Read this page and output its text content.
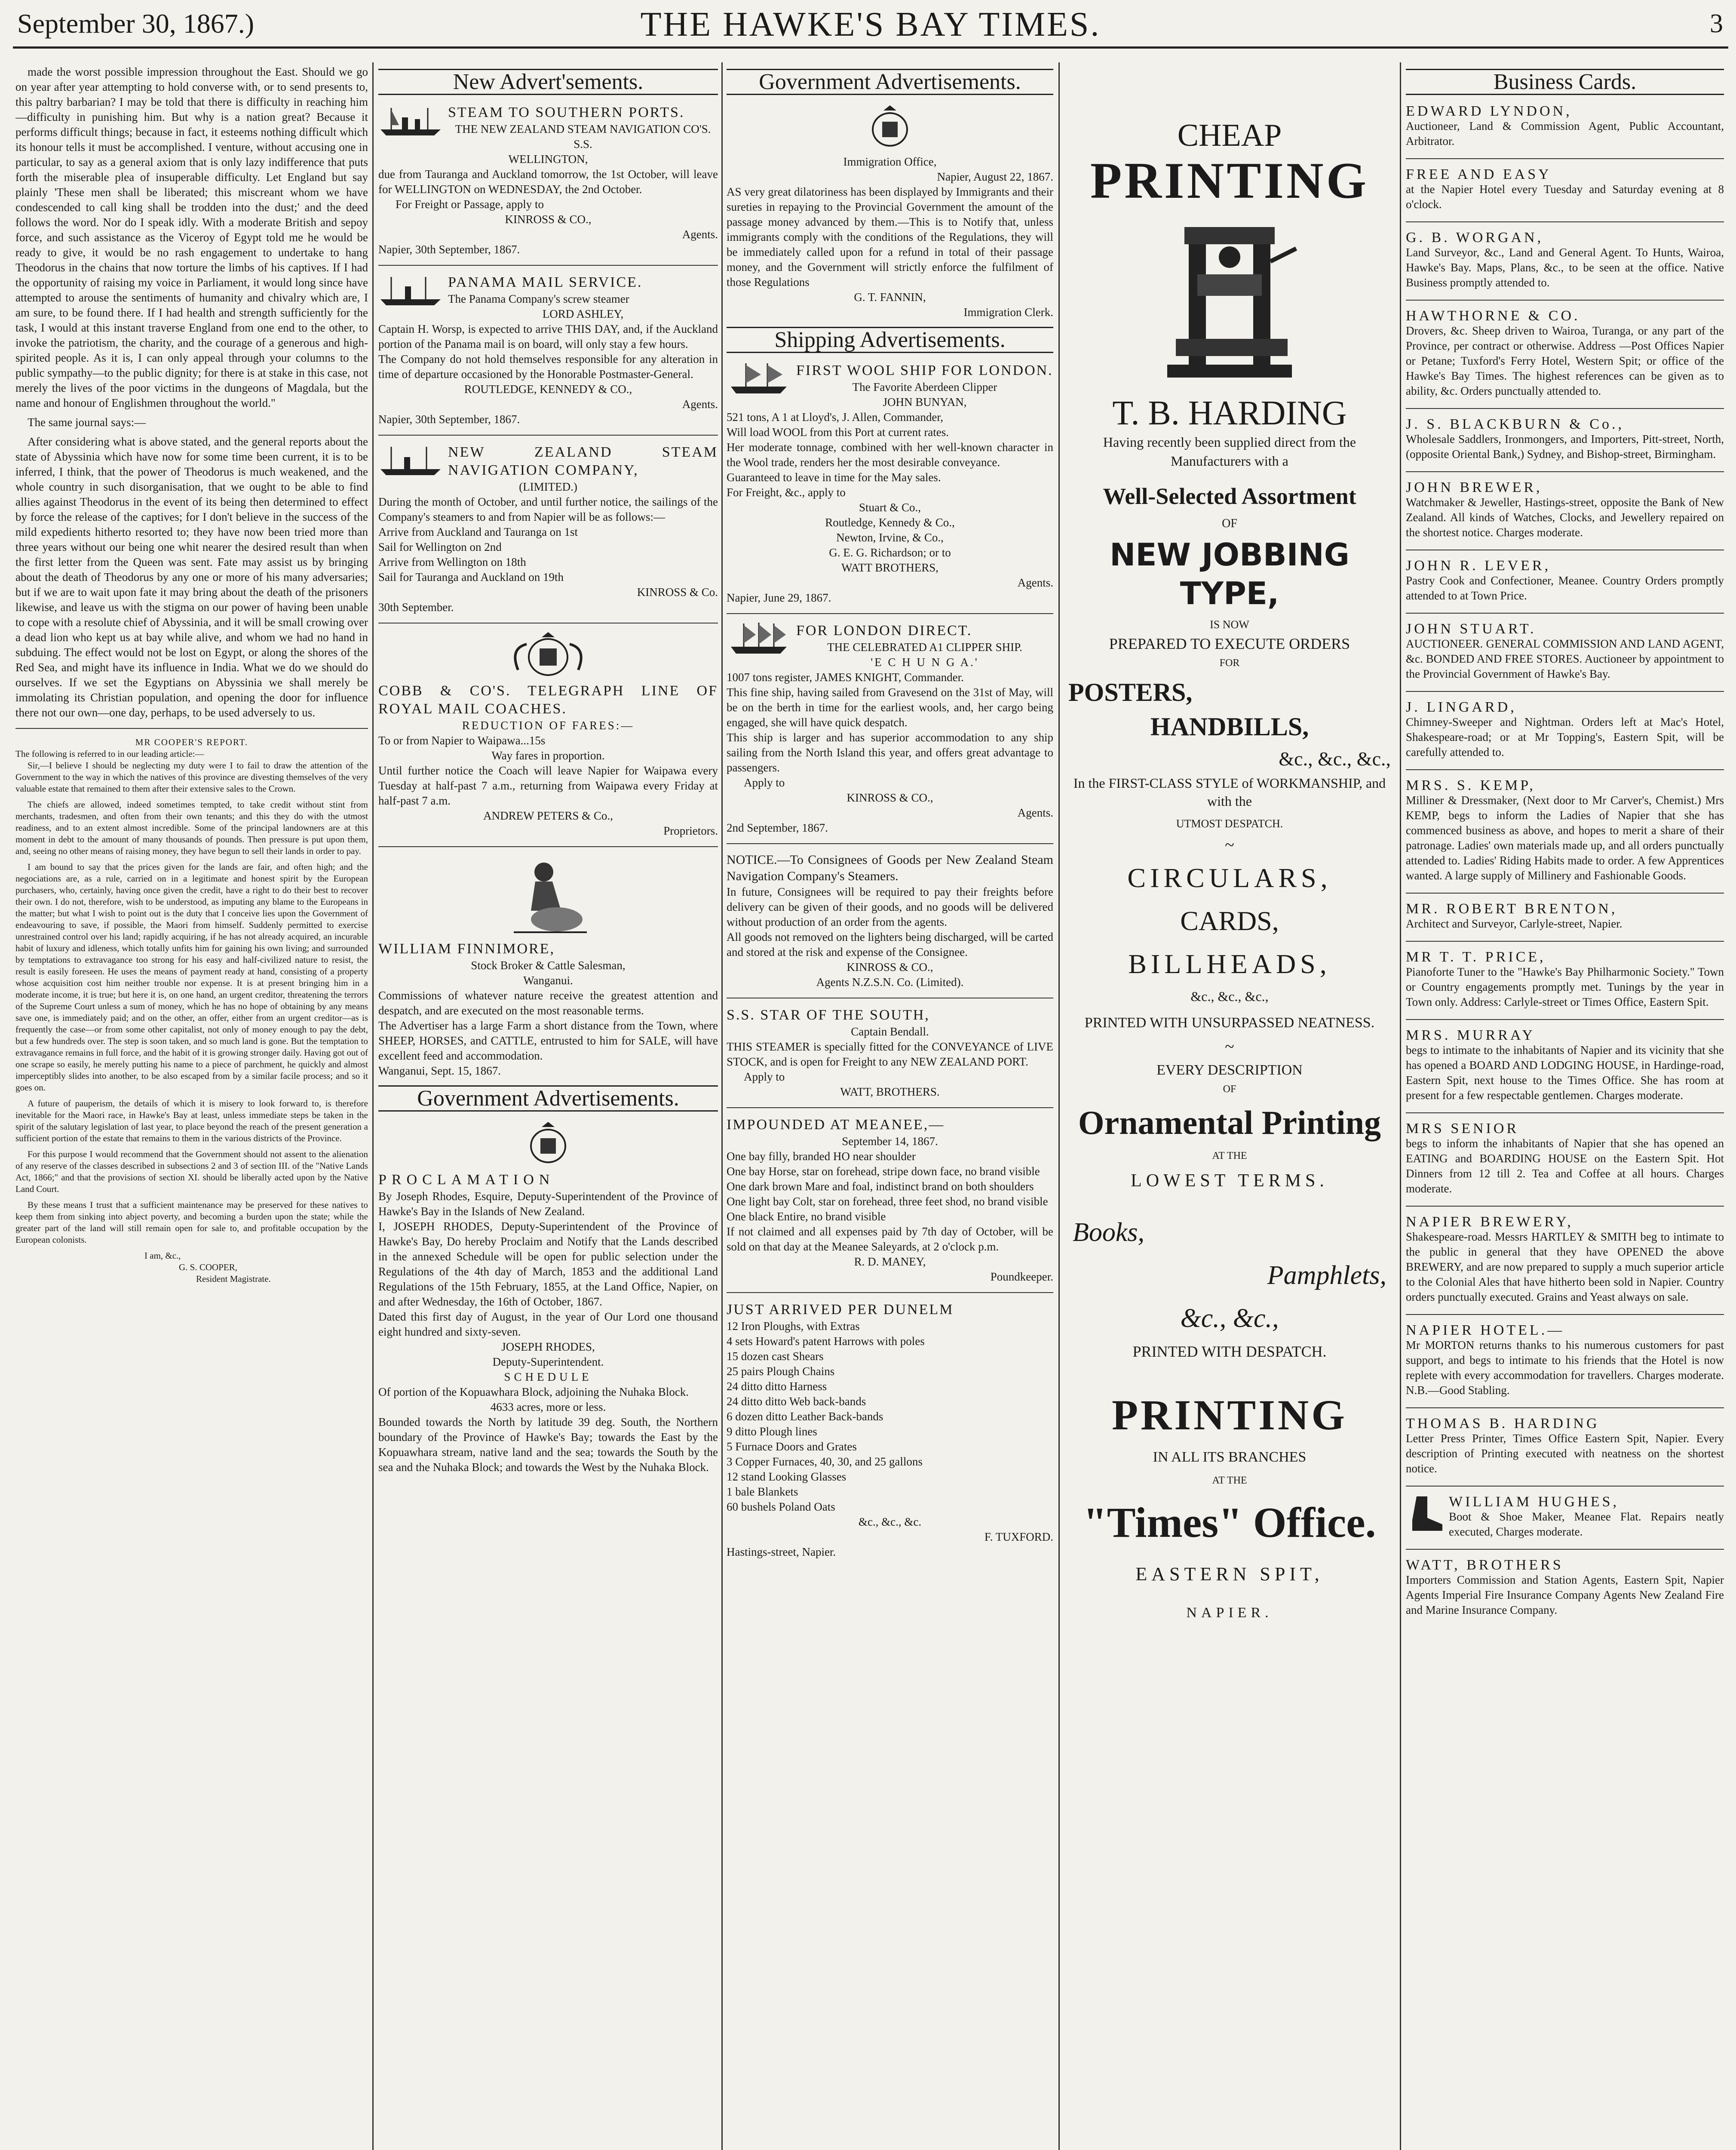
September 30, 1867.)	THE HAWKE'S BAY TIMES.	3

made the worst possible impression throughout the East. Should we go on year after year attempting to hold converse with, or to send presents to, this paltry barbarian? I may be told that there is difficulty in reaching him—difficulty in punishing him. But why is a nation great? Because it performs difficult things; because in fact, it esteems nothing difficult which its honour tells it must be accomplished. I venture, without accusing one in particular, to say as a general axiom that is only lazy indifference that puts forth the miserable plea of insuperable difficulty. Let England but say plainly 'These men shall be liberated; this miscreant whom we have condescended to call king shall be trodden into the dust;' and the deed follows the word. Nor do I speak idly. With a moderate British and sepoy force, and such assistance as the Viceroy of Egypt told me he would be ready to give, it would be no rash engagement to undertake to hang Theodorus in the chains that now torture the limbs of his captives. If I had the opportunity of raising my voice in Parliament, it would long since have attempted to arouse the sentiments of humanity and chivalry which are, I am sure, to be found there. If I had health and strength sufficiently for the task, I would at this instant traverse England from one end to the other, to invoke the patriotism, the charity, and the courage of a generous and high-spirited people. As it is, I can only appeal through your columns to the public sympathy—to the public dignity; for there is at stake in this case, not merely the lives of the poor victims in the dungeons of Magdala, but the name and honour of Englishmen throughout the world."

The same journal says:—

After considering what is above stated, and the general reports about the state of Abyssinia which have now for some time been current, it is to be inferred, I think, that the power of Theodorus is much weakened, and the whole country in such disorganisation, that we ought to be able to find allies against Theodorus in the event of its being then determined to effect by force the release of the captives; for I don't believe in the success of the mild expedients hitherto resorted to; they have now been tried more than three years without our being one whit nearer the desired result than when the first letter from the Queen was sent. Fate may assist us by bringing about the death of Theodorus by any one or more of his many adversaries; but if we are to wait upon fate it may bring about the death of the prisoners likewise, and leave us with the stigma on our power of having been unable to cope with a resolute chief of Abyssinia, and it will be small crowing over a dead lion who kept us at bay while alive, and whom we had no hand in subduing. The effect would not be lost on Egypt, or along the shores of the Red Sea, and might have its influence in India. What we do we should do ourselves. If we set the Egyptians on Abyssinia we shall merely be immolating its Christian population, and opening the door for influence there not our own—one day, perhaps, to be used adversely to us.

MR COOPER'S REPORT.
The following is referred to in our leading article:—

Sir,—I believe I should be neglecting my duty were I to fail to draw the attention of the Government to the way in which the natives of this province are divesting themselves of the very valuable estate that remained to them after their extensive sales to the Crown.

The chiefs are allowed, indeed sometimes tempted, to take credit without stint from merchants, tradesmen, and often from their own tenants; and this they do with the utmost readiness, and to an extent almost incredible. Some of the principal landowners are at this moment in debt to the amount of many thousands of pounds. Then pressure is put upon them, and, seeing no other means of raising money, they have begun to sell their lands in order to pay.

I am bound to say that the prices given for the lands are fair, and often high; and the negociations are, as a rule, carried on in a legitimate and honest spirit by the European purchasers, who, certainly, having once given the credit, have a right to do their best to recover their own. I do not, therefore, wish to be understood, as imputing any blame to the Europeans in the matter; but what I wish to point out is the duty that I conceive lies upon the Government of endeavouring to save, if possible, the Maori from himself. Suddenly permitted to exercise unrestrained control over his land; rapidly acquiring, if he has not already acquired, an incurable habit of luxury and idleness, which totally unfits him for gaining his own living; and surrounded by temptations to extravagance too strong for his easy and half-civilized nature to resist, the result is easily foreseen. He uses the means of payment ready at hand, consisting of a property whose acquisition cost him neither trouble nor expense. It is at present bringing him in a moderate income, it is true; but here it is, on one hand, an urgent creditor, threatening the terrors of the Supreme Court unless a sum of money, which he has no hope of obtaining by any means save one, is immediately paid; and on the other, an offer, either from an urgent creditor—as is frequently the case—or from some other capitalist, not only of money enough to pay the debt, but a few hundreds over. The step is soon taken, and so much land is gone. But the temptation to extravagance remains in full force, and the habit of it is growing stronger daily. Having got out of one scrape so easily, he merely putting his name to a piece of parchment, he quickly and almost imperceptibly slides into another, to be also escaped from by a similar facile process; and so it goes on.

A future of pauperism, the details of which it is misery to look forward to, is therefore inevitable for the Maori race, in Hawke's Bay at least, unless immediate steps be taken in the spirit of the salutary legislation of last year, to place beyond the reach of the present generation a sufficient portion of the estate that remains to them in the various districts of the Province.

For this purpose I would recommend that the Government should not assent to the alienation of any reserve of the classes described in subsections 2 and 3 of section III. of the "Native Lands Act, 1866;" and that the provisions of section XI. should be liberally acted upon by the Native Land Court.

By these means I trust that a sufficient maintenance may be preserved for these natives to keep them from sinking into abject poverty, and becoming a burden upon the state; while the greater part of the land will still remain open for sale to, and profitable occupation by the European colonists.

I am, &c.,
G. S. COOPER,
Resident Magistrate.
New Advert'sements.
STEAM TO SOUTHERN PORTS.
THE NEW ZEALAND STEAM NAVIGATION CO'S. S.S.
WELLINGTON,
due from Tauranga and Auckland tomorrow, the 1st October, will leave for WELLINGTON on WEDNESDAY, the 2nd October.
For Freight or Passage, apply to
KINROSS & CO.,
Agents.
Napier, 30th September, 1867.
PANAMA MAIL SERVICE.
The Panama Company's screw steamer
LORD ASHLEY,
Captain H. Worsp, is expected to arrive THIS DAY, and, if the Auckland portion of the Panama mail is on board, will only stay a few hours.
The Company do not hold themselves responsible for any alteration in time of departure occasioned by the Honorable Postmaster-General.
ROUTLEDGE, KENNEDY & CO.,
Agents.
Napier, 30th September, 1867.
NEW ZEALAND STEAM NAVIGATION COMPANY,
(LIMITED.)
During the month of October, and until further notice, the sailings of the Company's steamers to and from Napier will be as follows:—
Arrive from Auckland and Tauranga on 1st
Sail for Wellington on 2nd
Arrive from Wellington on 18th
Sail for Tauranga and Auckland on 19th
KINROSS & Co.
30th September.
COBB & CO'S. TELEGRAPH LINE OF ROYAL MAIL COACHES.
REDUCTION OF FARES:—
To or from Napier to Waipawa...15s
Way fares in proportion.
Until further notice the Coach will leave Napier for Waipawa every Tuesday at half-past 7 a.m., returning from Waipawa every Friday at half-past 7 a.m.
ANDREW PETERS & Co.,
Proprietors.
WILLIAM FINNIMORE,
Stock Broker & Cattle Salesman,
Wanganui.
Commissions of whatever nature receive the greatest attention and despatch, and are executed on the most reasonable terms.
The Advertiser has a large Farm a short distance from the Town, where SHEEP, HORSES, and CATTLE, entrusted to him for SALE, will have excellent feed and accommodation.
Wanganui, Sept. 15, 1867.
Government Advertisements.
PROCLAMATION
By Joseph Rhodes, Esquire, Deputy-Superintendent of the Province of Hawke's Bay in the Islands of New Zealand.
I, JOSEPH RHODES, Deputy-Superintendent of the Province of Hawke's Bay, Do hereby Proclaim and Notify that the Lands described in the annexed Schedule will be open for public selection under the Regulations of the 4th day of March, 1853 and the additional Land Regulations of the 15th February, 1855, at the Land Office, Napier, on and after Wednesday, the 16th of October, 1867.
Dated this first day of August, in the year of Our Lord one thousand eight hundred and sixty-seven.
JOSEPH RHODES,
Deputy-Superintendent.
SCHEDULE
Of portion of the Kopuawhara Block, adjoining the Nuhaka Block.
4633 acres, more or less.
Bounded towards the North by latitude 39 deg. South, the Northern boundary of the Province of Hawke's Bay; towards the East by the Kopuawhara stream, native land and the sea; towards the South by the sea and the Nuhaka Block; and towards the West by the Nuhaka Block.
Government Advertisements.
Immigration Office,
Napier, August 22, 1867.
AS very great dilatoriness has been displayed by Immigrants and their sureties in repaying to the Provincial Government the amount of the passage money advanced by them.—This is to Notify that, unless immigrants comply with the conditions of the Regulations, they will be immediately called upon for a refund in total of their passage money, and the Government will strictly enforce the fulfilment of those Regulations
G. T. FANNIN,
Immigration Clerk.
Shipping Advertisements.
FIRST WOOL SHIP FOR LONDON.
The Favorite Aberdeen Clipper
JOHN BUNYAN,
521 tons, A 1 at Lloyd's, J. Allen, Commander,
Will load WOOL from this Port at current rates.
Her moderate tonnage, combined with her well-known character in the Wool trade, renders her the most desirable conveyance.
Guaranteed to leave in time for the May sales.
For Freight, &c., apply to
Stuart & Co.,
Routledge, Kennedy & Co.,
Newton, Irvine, & Co.,
G. E. G. Richardson; or to
WATT BROTHERS,
Agents.
Napier, June 29, 1867.
FOR LONDON DIRECT.
THE CELEBRATED A1 CLIPPER SHIP.
'E C H U N G A.'
1007 tons register, JAMES KNIGHT, Commander.
This fine ship, having sailed from Gravesend on the 31st of May, will be on the berth in time for the earliest wools, and, her cargo being engaged, she will have quick despatch.
This ship is larger and has superior accommodation to any ship sailing from the North Island this year, and offers great advantage to passengers.
Apply to
KINROSS & CO.,
Agents.
2nd September, 1867.
NOTICE.—To Consignees of Goods per New Zealand Steam Navigation Company's Steamers.
In future, Consignees will be required to pay their freights before delivery can be given of their goods, and no goods will be delivered without production of an order from the agents.
All goods not removed on the lighters being discharged, will be carted and stored at the risk and expense of the Consignee.
KINROSS & CO.,
Agents N.Z.S.N. Co. (Limited).
S.S. STAR OF THE SOUTH,
Captain Bendall.
THIS STEAMER is specially fitted for the CONVEYANCE of LIVE STOCK, and is open for Freight to any NEW ZEALAND PORT.
Apply to
WATT, BROTHERS.
IMPOUNDED AT MEANEE,—
September 14, 1867.
One bay filly, branded HO near shoulder
One bay Horse, star on forehead, stripe down face, no brand visible
One dark brown Mare and foal, indistinct brand on both shoulders
One light bay Colt, star on forehead, three feet shod, no brand visible
One black Entire, no brand visible
If not claimed and all expenses paid by 7th day of October, will be sold on that day at the Meanee Saleyards, at 2 o'clock p.m.
R. D. MANEY,
Poundkeeper.
JUST ARRIVED PER DUNELM
12 Iron Ploughs, with Extras
4 sets Howard's patent Harrows with poles
15 dozen cast Shears
25 pairs Plough Chains
24 ditto ditto Harness
24 ditto ditto Web back-bands
6 dozen ditto Leather Back-bands
9 ditto Plough lines
5 Furnace Doors and Grates
3 Copper Furnaces, 40, 30, and 25 gallons
12 stand Looking Glasses
1 bale Blankets
60 bushels Poland Oats
&c., &c., &c.
F. TUXFORD.
Hastings-street, Napier.
CHEAP
PRINTING
T. B. HARDING
Having recently been supplied direct from the Manufacturers with a
Well-Selected Assortment
OF
NEW JOBBING TYPE,
IS NOW
PREPARED TO EXECUTE ORDERS
FOR
POSTERS,
HANDBILLS,
&c., &c., &c.,
In the FIRST-CLASS STYLE of WORKMANSHIP, and with the
UTMOST DESPATCH.
~
CIRCULARS,
CARDS,
BILLHEADS,
&c., &c., &c.,
PRINTED WITH UNSURPASSED NEATNESS.
~
EVERY DESCRIPTION
OF
Ornamental Printing
AT THE
LOWEST TERMS.
Books,
Pamphlets,
&c., &c.,
PRINTED WITH DESPATCH.
PRINTING
IN ALL ITS BRANCHES
AT THE
"Times" Office.
EASTERN SPIT,
NAPIER.
Business Cards.
EDWARD LYNDON,
Auctioneer, Land & Commission Agent, Public Accountant, Arbitrator.
FREE AND EASY
at the Napier Hotel every Tuesday and Saturday evening at 8 o'clock.
G. B. WORGAN,
Land Surveyor, &c., Land and General Agent. To Hunts, Wairoa, Hawke's Bay. Maps, Plans, &c., to be seen at the office. Native Business promptly attended to.
HAWTHORNE & CO.
Drovers, &c. Sheep driven to Wairoa, Turanga, or any part of the Province, per contract or otherwise. Address —Post Offices Napier or Petane; Tuxford's Ferry Hotel, Western Spit; or office of the Hawke's Bay Times. The highest references can be given as to ability, &c. Orders punctually attended to.
J. S. BLACKBURN & Co.,
Wholesale Saddlers, Ironmongers, and Importers, Pitt-street, North, (opposite Oriental Bank,) Sydney, and Bishop-street, Birmingham.
JOHN BREWER,
Watchmaker & Jeweller, Hastings-street, opposite the Bank of New Zealand. All kinds of Watches, Clocks, and Jewellery repaired on the shortest notice. Charges moderate.
JOHN R. LEVER,
Pastry Cook and Confectioner, Meanee. Country Orders promptly attended to at Town Price.
JOHN STUART.
AUCTIONEER. GENERAL COMMISSION AND LAND AGENT, &c. BONDED AND FREE STORES. Auctioneer by appointment to the Provincial Government of Hawke's Bay.
J. LINGARD,
Chimney-Sweeper and Nightman. Orders left at Mac's Hotel, Shakespeare-road; or at Mr Topping's, Eastern Spit, will be carefully attended to.
MRS. S. KEMP,
Milliner & Dressmaker, (Next door to Mr Carver's, Chemist.) Mrs KEMP, begs to inform the Ladies of Napier that she has commenced business as above, and hopes to merit a share of their patronage. Ladies' own materials made up, and all orders punctually attended to. Ladies' Riding Habits made to order. A few Apprentices wanted. A large supply of Millinery and Fashionable Goods.
MR. ROBERT BRENTON,
Architect and Surveyor, Carlyle-street, Napier.
MR T. T. PRICE,
Pianoforte Tuner to the "Hawke's Bay Philharmonic Society." Town or Country engagements promptly met. Tunings by the year in Town only. Address: Carlyle-street or Times Office, Eastern Spit.
MRS. MURRAY
begs to intimate to the inhabitants of Napier and its vicinity that she has opened a BOARD AND LODGING HOUSE, in Hardinge-road, Eastern Spit, next house to the Times Office. She has room at present for a few respectable gentlemen. Charges moderate.
MRS SENIOR
begs to inform the inhabitants of Napier that she has opened an EATING and BOARDING HOUSE on the Eastern Spit. Hot Dinners from 12 till 2. Tea and Coffee at all hours. Charges moderate.
NAPIER BREWERY,
Shakespeare-road. Messrs HARTLEY & SMITH beg to intimate to the public in general that they have OPENED the above BREWERY, and are now prepared to supply a much superior article to the Colonial Ales that have hitherto been sold in Napier. Country orders punctually executed. Grains and Yeast always on sale.
NAPIER HOTEL.—
Mr MORTON returns thanks to his numerous customers for past support, and begs to intimate to his friends that the Hotel is now replete with every accommodation for travellers. Charges moderate. N.B.—Good Stabling.
THOMAS B. HARDING
Letter Press Printer, Times Office Eastern Spit, Napier. Every description of Printing executed with neatness on the shortest notice.
WILLIAM HUGHES,
Boot & Shoe Maker, Meanee Flat. Repairs neatly executed, Charges moderate.
WATT, BROTHERS
Importers Commission and Station Agents, Eastern Spit, Napier Agents Imperial Fire Insurance Company Agents New Zealand Fire and Marine Insurance Company.
